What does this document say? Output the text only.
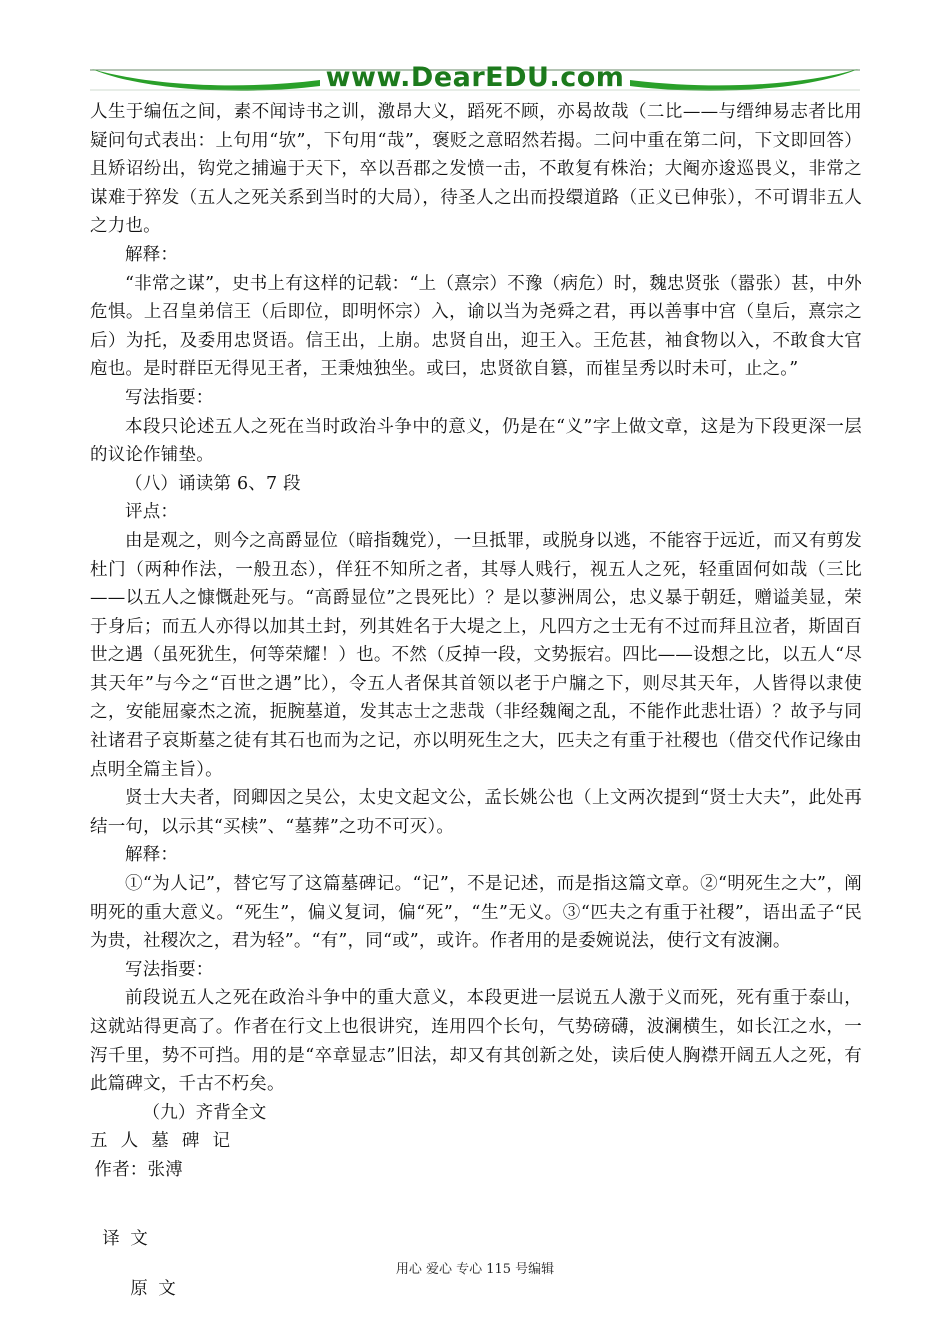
www.DearEDU.com

人生于编伍之间，素不闻诗书之训，激昂大义，蹈死不顾，亦曷故哉（二比——与缙绅易志者比用疑问句式表出：上句用“欤”，下句用“哉”，褒贬之意昭然若揭。二问中重在第二问，下文即回答）且矫诏纷出，钩党之捕遍于天下，卒以吾郡之发愤一击，不敢复有株治；大阉亦逡巡畏义，非常之谋难于猝发（五人之死关系到当时的大局），待圣人之出而投缳道路（正义已伸张），不可谓非五人之力也。

解释：

“非常之谋”，史书上有这样的记载：“上（熹宗）不豫（病危）时，魏忠贤张（嚣张）甚，中外危惧。上召皇弟信王（后即位，即明怀宗）入，谕以当为尧舜之君，再以善事中宫（皇后，熹宗之后）为托，及委用忠贤语。信王出，上崩。忠贤自出，迎王入。王危甚，袖食物以入，不敢食大官庖也。是时群臣无得见王者，王秉烛独坐。或曰，忠贤欲自篡，而崔呈秀以时未可，止之。”

写法指要：

本段只论述五人之死在当时政治斗争中的意义，仍是在“义”字上做文章，这是为下段更深一层的议论作铺垫。

（八）诵读第 6、7 段

评点：

由是观之，则今之高爵显位（暗指魏党），一旦抵罪，或脱身以逃，不能容于远近，而又有剪发杜门（两种作法，一般丑态），佯狂不知所之者，其辱人贱行，视五人之死，轻重固何如哉（三比——以五人之慷慨赴死与。“高爵显位”之畏死比）？是以蓼洲周公，忠义暴于朝廷，赠谥美显，荣于身后；而五人亦得以加其土封，列其姓名于大堤之上，凡四方之士无有不过而拜且泣者，斯固百世之遇（虽死犹生，何等荣耀！）也。不然（反掉一段，文势振宕。四比——设想之比，以五人“尽其天年”与今之“百世之遇”比），令五人者保其首领以老于户牖之下，则尽其天年，人皆得以隶使之，安能屈豪杰之流，扼腕墓道，发其志士之悲哉（非经魏阉之乱，不能作此悲壮语）？故予与同社诸君子哀斯墓之徒有其石也而为之记，亦以明死生之大，匹夫之有重于社稷也（借交代作记缘由点明全篇主旨）。

贤士大夫者，冏卿因之吴公，太史文起文公，孟长姚公也（上文两次提到“贤士大夫”，此处再结一句，以示其“买椟”、“墓葬”之功不可灭）。

解释：

①“为人记”，替它写了这篇墓碑记。“记”，不是记述，而是指这篇文章。②“明死生之大”，阐明死的重大意义。“死生”，偏义复词，偏“死”，“生”无义。③“匹夫之有重于社稷”，语出孟子“民为贵，社稷次之，君为轻”。“有”，同“或”，或许。作者用的是委婉说法，使行文有波澜。

写法指要：

前段说五人之死在政治斗争中的重大意义，本段更进一层说五人激于义而死，死有重于泰山，这就站得更高了。作者在行文上也很讲究，连用四个长句，气势磅礴，波澜横生，如长江之水，一泻千里，势不可挡。用的是“卒章显志”旧法，却又有其创新之处，读后使人胸襟开阔五人之死，有此篇碑文，千古不朽矣。

（九）齐背全文

五人墓碑记

作者：张溥

译文

原文

用心 爱心 专心 115 号编辑
